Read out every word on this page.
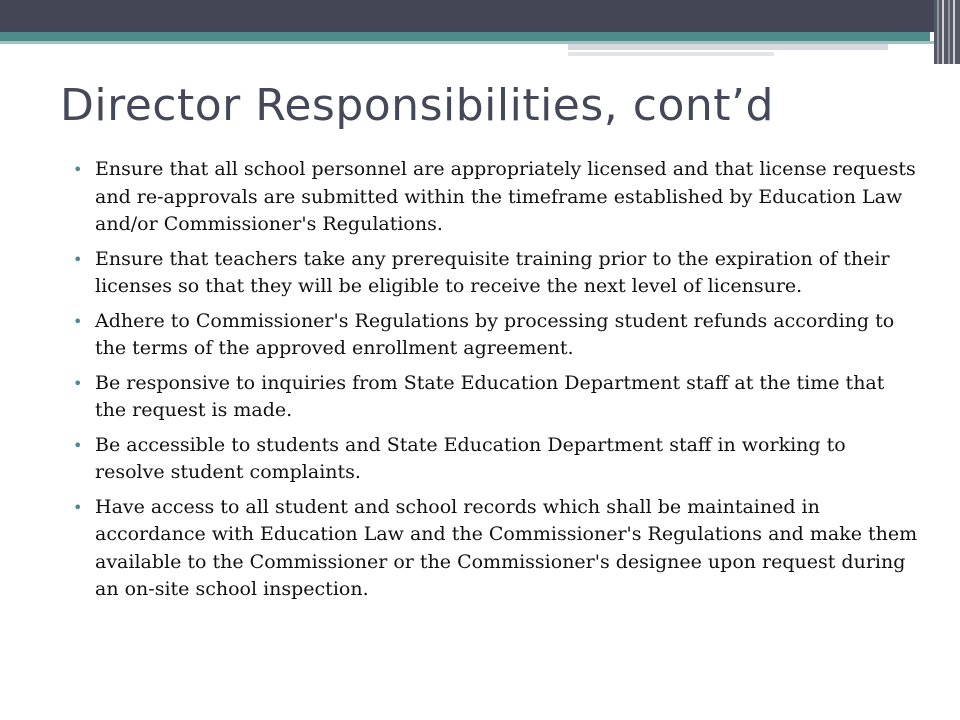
Director Responsibilities, cont’d
• Ensure that all school personnel are appropriately licensed and that license requests and re-approvals are submitted within the timeframe established by Education Law and/or Commissioner's Regulations.
• Ensure that teachers take any prerequisite training prior to the expiration of their licenses so that they will be eligible to receive the next level of licensure.
• Adhere to Commissioner's Regulations by processing student refunds according to the terms of the approved enrollment agreement.
• Be responsive to inquiries from State Education Department staff at the time that the request is made.
• Be accessible to students and State Education Department staff in working to resolve student complaints.
• Have access to all student and school records which shall be maintained in accordance with Education Law and the Commissioner's Regulations and make them available to the Commissioner or the Commissioner's designee upon request during an on-site school inspection.
